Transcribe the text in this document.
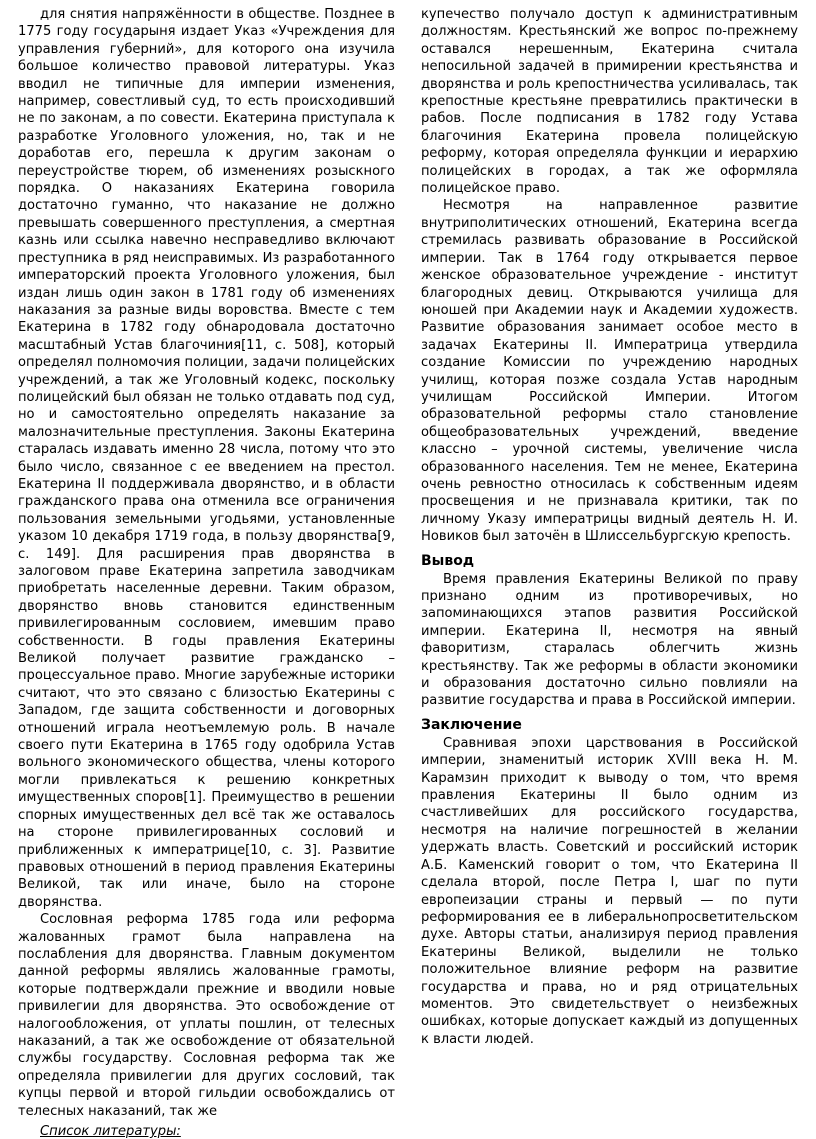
для снятия напряжённости в обществе. Позднее в 1775 году государыня издает Указ «Учреждения для управления губерний», для которого она изучила большое количество правовой литературы. Указ вводил не типичные для империи изменения, например, совестливый суд, то есть происходивший не по законам, а по совести. Екатерина приступала к разработке Уголовного уложения, но, так и не доработав его, перешла к другим законам о переустройстве тюрем, об изменениях розыскного порядка. О наказаниях Екатерина говорила достаточно гуманно, что наказание не должно превышать совершенного преступления, а смертная казнь или ссылка навечно несправедливо включают преступника в ряд неисправимых. Из разработанного императорский проекта Уголовного уложения, был издан лишь один закон в 1781 году об изменениях наказания за разные виды воровства. Вместе с тем Екатерина в 1782 году обнародовала достаточно масштабный Устав благочиния[11, с. 508], который определял полномочия полиции, задачи полицейских учреждений, а так же Уголовный кодекс, поскольку полицейский был обязан не только отдавать под суд, но и самостоятельно определять наказание за малозначительные преступления. Законы Екатерина старалась издавать именно 28 числа, потому что это было число, связанное с ее введением на престол. Екатерина II поддерживала дворянство, и в области гражданского права она отменила все ограничения пользования земельными угодьями, установленные указом 10 декабря 1719 года, в пользу дворянства[9, с. 149]. Для расширения прав дворянства в залоговом праве Екатерина запретила заводчикам приобретать населенные деревни. Таким образом, дворянство вновь становится единственным привилегированным сословием, имевшим право собственности. В годы правления Екатерины Великой получает развитие гражданско – процессуальное право. Многие зарубежные историки считают, что это связано с близостью Екатерины с Западом, где защита собственности и договорных отношений играла неотъемлемую роль. В начале своего пути Екатерина в 1765 году одобрила Устав вольного экономического общества, члены которого могли привлекаться к решению конкретных имущественных споров[1]. Преимущество в решении спорных имущественных дел всё так же оставалось на стороне привилегированных сословий и приближенных к императрице[10, с. 3]. Развитие правовых отношений в период правления Екатерины Великой, так или иначе, было на стороне дворянства.

Сословная реформа 1785 года или реформа жалованных грамот была направлена на послабления для дворянства. Главным документом данной реформы являлись жалованные грамоты, которые подтверждали прежние и вводили новые привилегии для дворянства. Это освобождение от налогообложения, от уплаты пошлин, от телесных наказаний, а так же освобождение от обязательной службы государству. Сословная реформа так же определяла привилегии для других сословий, так купцы первой и второй гильдии освобождались от телесных наказаний, так же

Список литературы:

купечество получало доступ к административным должностям. Крестьянский же вопрос по-прежнему оставался нерешенным, Екатерина считала непосильной задачей в примирении крестьянства и дворянства и роль крепостничества усиливалась, так крепостные крестьяне превратились практически в рабов. После подписания в 1782 году Устава благочиния Екатерина провела полицейскую реформу, которая определяла функции и иерархию полицейских в городах, а так же оформляла полицейское право.

Несмотря на направленное развитие внутриполитических отношений, Екатерина всегда стремилась развивать образование в Российской империи. Так в 1764 году открывается первое женское образовательное учреждение - институт благородных девиц. Открываются училища для юношей при Академии наук и Академии художеств. Развитие образования занимает особое место в задачах Екатерины II. Императрица утвердила создание Комиссии по учреждению народных училищ, которая позже создала Устав народным училищам Российской Империи. Итогом образовательной реформы стало становление общеобразовательных учреждений, введение классно – урочной системы, увеличение числа образованного населения. Тем не менее, Екатерина очень ревностно относилась к собственным идеям просвещения и не признавала критики, так по личному Указу императрицы видный деятель Н. И. Новиков был заточён в Шлиссельбургскую крепость.

Вывод

Время правления Екатерины Великой по праву признано одним из противоречивых, но запоминающихся этапов развития Российской империи. Екатерина II, несмотря на явный фаворитизм, старалась облегчить жизнь крестьянству. Так же реформы в области экономики и образования достаточно сильно повлияли на развитие государства и права в Российской империи.

Заключение

Сравнивая эпохи царствования в Российской империи, знаменитый историк XVIII века Н. М. Карамзин приходит к выводу о том, что время правления Екатерины II было одним из счастливейших для российского государства, несмотря на наличие погрешностей в желании удержать власть. Советский и российский историк А.Б. Каменский говорит о том, что Екатерина II сделала второй, после Петра I, шаг по пути европеизации страны и первый — по пути реформирования ее в либеральнопросветительском духе. Авторы статьи, анализируя период правления Екатерины Великой, выделили не только положительное влияние реформ на развитие государства и права, но и ряд отрицательных моментов. Это свидетельствует о неизбежных ошибках, которые допускает каждый из допущенных к власти людей.
